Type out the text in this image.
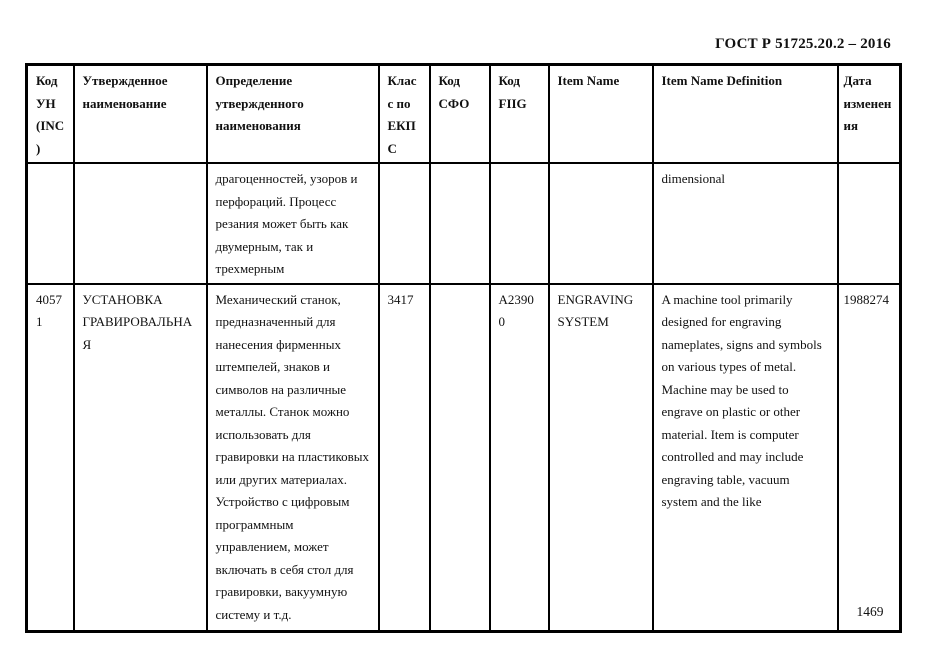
ГОСТ Р 51725.20.2 – 2016
Код УН (INC)	Утвержденное наименование	Определение утвержденного наименования	Класс по ЕКПС	Код СФО	Код FIIG	Item Name	Item Name Definition	Дата изменения
		драгоценностей, узоров и перфораций. Процесс резания может быть как двумерным, так и трехмерным					dimensional	
40571	УСТАНОВКА ГРАВИРОВАЛЬНАЯ	Механический станок, предназначенный для нанесения фирменных штемпелей, знаков и символов на различные металлы. Станок можно использовать для гравировки на пластиковых или других материалах. Устройство с цифровым программным управлением, может включать в себя стол для гравировки, вакуумную систему и т.д.	3417		A23900	ENGRAVING SYSTEM	A machine tool primarily designed for engraving nameplates, signs and symbols on various types of metal. Machine may be used to engrave on plastic or other material. Item is computer controlled and may include engraving table, vacuum system and the like	1988274
1469
